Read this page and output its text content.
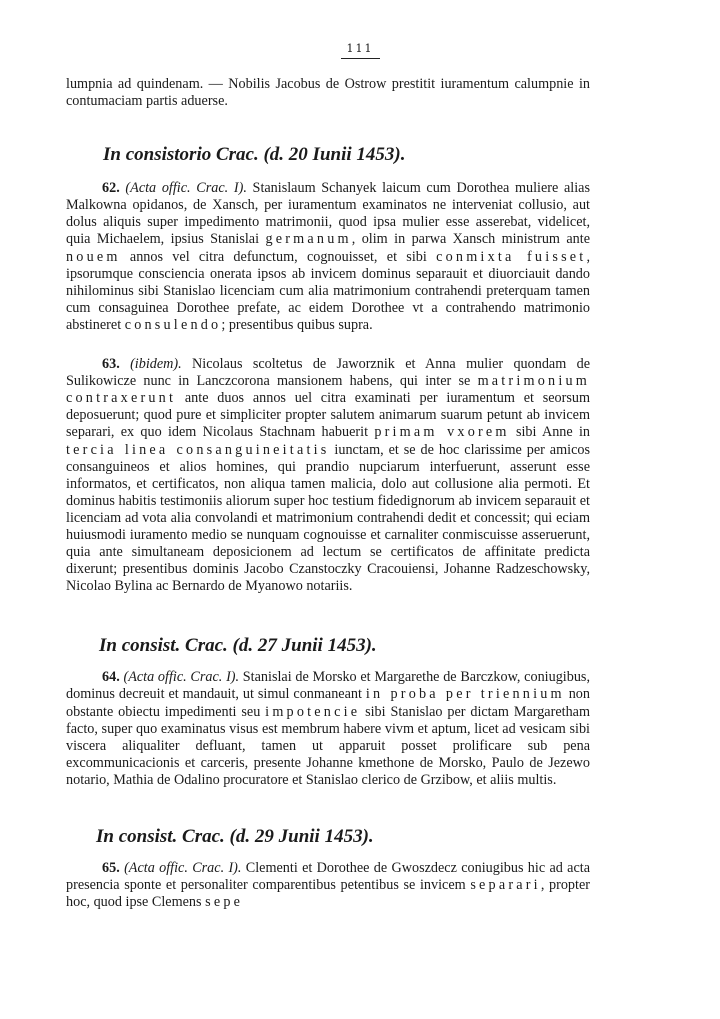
111

lumpnia ad quindenam. — Nobilis Jacobus de Ostrow prestitit iuramentum calumpnie in contumaciam partis aduerse.

In consistorio Crac. (d. 20 Iunii 1453).

62. (Acta offic. Crac. I). Stanislaum Schanyek laicum cum Dorothea muliere alias Malkowna opidanos, de Xansch, per iuramentum examinatos ne interveniat collusio, aut dolus aliquis super impedimento matrimonii, quod ipsa mulier esse asserebat, videlicet, quia Michaelem, ipsius Stanislai germanum, olim in parwa Xansch ministrum ante nouem annos vel citra defunctum, cognouisset, et sibi conmixta fuisset, ipsorumque consciencia onerata ipsos ab invicem dominus separauit et diuorciauit dando nihilominus sibi Stanislao licenciam cum alia matrimonium contrahendi preterquam tamen cum consaguinea Dorothee prefate, ac eidem Dorothee vt a contrahendo matrimonio abstineret consulendo; presentibus quibus supra.

63. (ibidem). Nicolaus scoltetus de Jaworznik et Anna mulier quondam de Sulikowicze nunc in Lanczcorona mansionem habens, qui inter se matrimonium contraxerunt ante duos annos uel citra examinati per iuramentum et seorsum deposuerunt; quod pure et simpliciter propter salutem animarum suarum petunt ab invicem separari, ex quo idem Nicolaus Stachnam habuerit primam vxorem sibi Anne in tercia linea consanguineitatis iunctam, et se de hoc clarissime per amicos consanguineos et alios homines, qui prandio nupciarum interfuerunt, asserunt esse informatos, et certificatos, non aliqua tamen malicia, dolo aut collusione alia permoti. Et dominus habitis testimoniis aliorum super hoc testium fidedignorum ab invicem separauit et licenciam ad vota alia convolandi et matrimonium contrahendi dedit et concessit; qui eciam huiusmodi iuramento medio se nunquam cognouisse et carnaliter conmiscuisse asseruerunt, quia ante simultaneam deposicionem ad lectum se certificatos de affinitate predicta dixerunt; presentibus dominis Jacobo Czanstoczky Cracouiensi, Johanne Radzeschowsky, Nicolao Bylina ac Bernardo de Myanowo notariis.

In consist. Crac. (d. 27 Junii 1453).

64. (Acta offic. Crac. I). Stanislai de Morsko et Margarethe de Barczkow, coniugibus, dominus decreuit et mandauit, ut simul conmaneant in proba per triennium non obstante obiectu impedimenti seu impotencie sibi Stanislao per dictam Margaretham facto, super quo examinatus visus est membrum habere vivm et aptum, licet ad vesicam sibi viscera aliqualiter defluant, tamen ut apparuit posset prolificare sub pena excommunicacionis et carceris, presente Johanne kmethone de Morsko, Paulo de Jezewo notario, Mathia de Odalino procuratore et Stanislao clerico de Grzibow, et aliis multis.

In consist. Crac. (d. 29 Junii 1453).

65. (Acta offic. Crac. I). Clementi et Dorothee de Gwoszdecz coniugibus hic ad acta presencia sponte et personaliter comparentibus petentibus se invicem separari, propter hoc, quod ipse Clemens sepe
